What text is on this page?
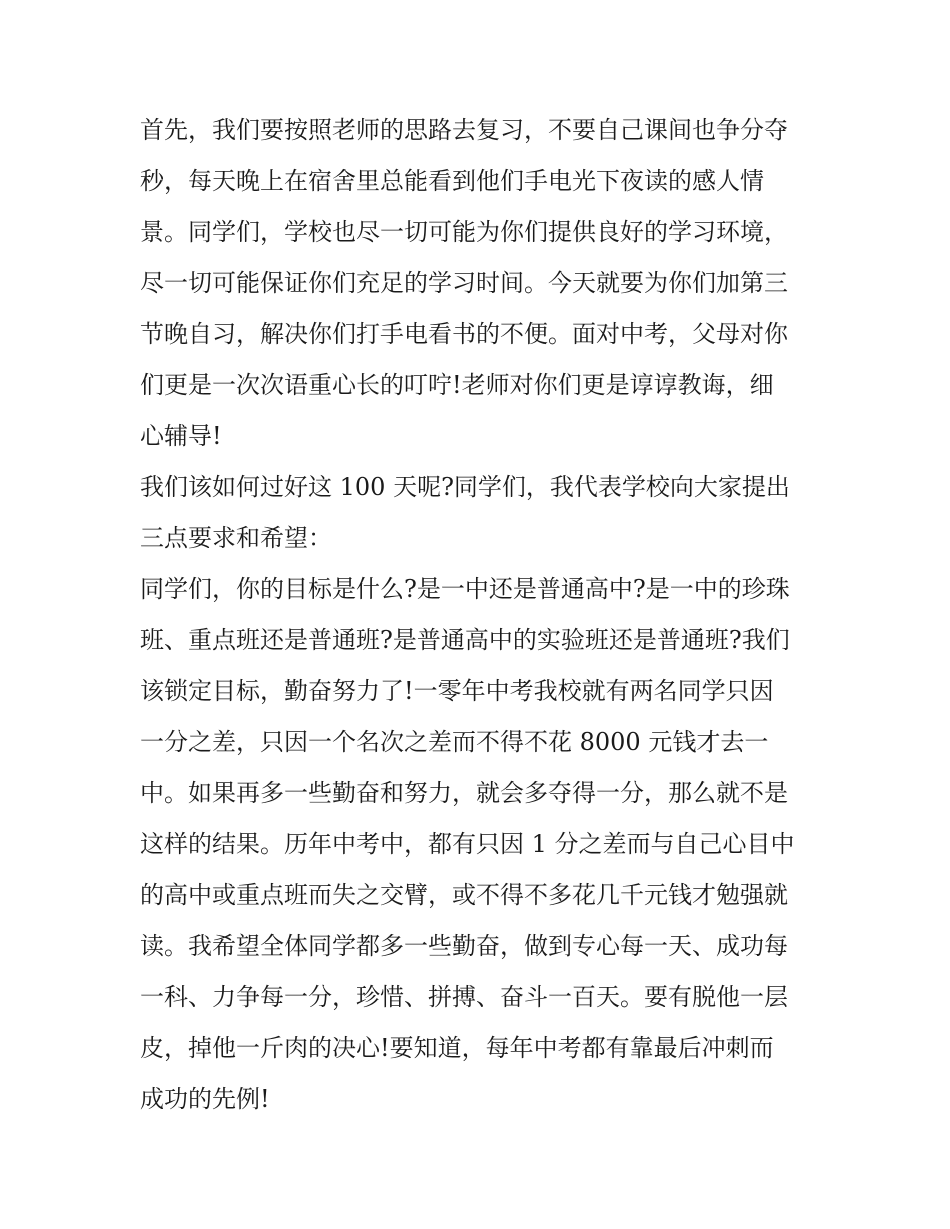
首先，我们要按照老师的思路去复习，不要自己课间也争分夺
秒，每天晚上在宿舍里总能看到他们手电光下夜读的感人情
景。同学们，学校也尽一切可能为你们提供良好的学习环境，
尽一切可能保证你们充足的学习时间。今天就要为你们加第三
节晚自习，解决你们打手电看书的不便。面对中考，父母对你
们更是一次次语重心长的叮咛!老师对你们更是谆谆教诲，细
心辅导!
我们该如何过好这 100 天呢?同学们，我代表学校向大家提出
三点要求和希望：
同学们，你的目标是什么?是一中还是普通高中?是一中的珍珠
班、重点班还是普通班?是普通高中的实验班还是普通班?我们
该锁定目标，勤奋努力了!一零年中考我校就有两名同学只因
一分之差，只因一个名次之差而不得不花 8000 元钱才去一
中。如果再多一些勤奋和努力，就会多夺得一分，那么就不是
这样的结果。历年中考中，都有只因 1 分之差而与自己心目中
的高中或重点班而失之交臂，或不得不多花几千元钱才勉强就
读。我希望全体同学都多一些勤奋，做到专心每一天、成功每
一科、力争每一分，珍惜、拼搏、奋斗一百天。要有脱他一层
皮，掉他一斤肉的决心!要知道，每年中考都有靠最后冲刺而
成功的先例!
